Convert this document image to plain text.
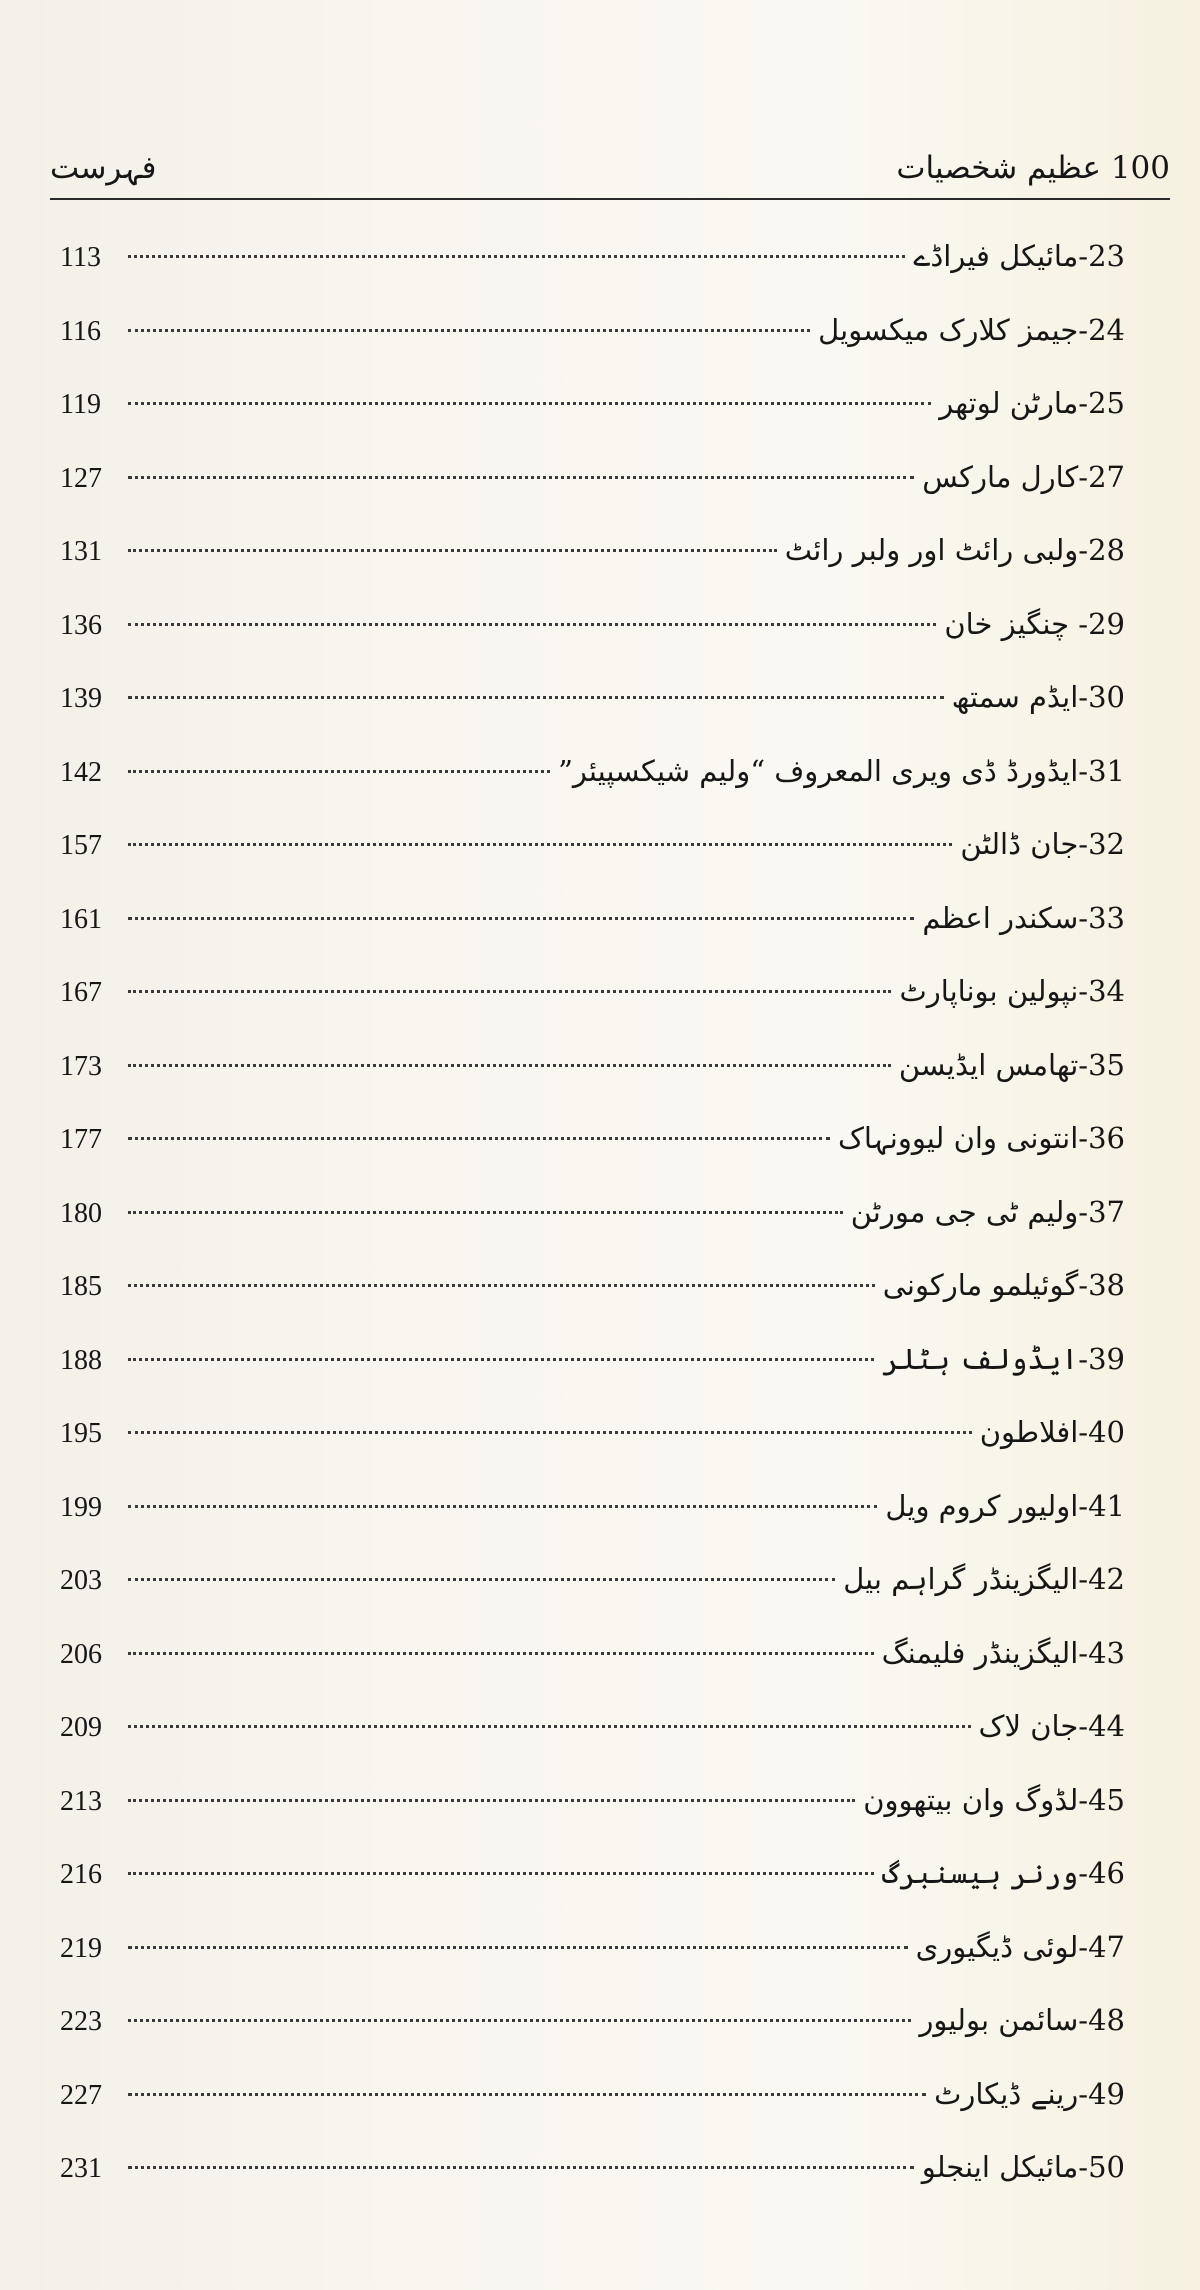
100 عظیم شخصیات
فہرست
113	23-مائیکل فیراڈے
116	24-جیمز کلارک میکسویل
119	25-مارٹن لوتھر
127	27-کارل مارکس
131	28-ولبی رائٹ اور ولبر رائٹ
136	29- چنگیز خان
139	30-ایڈم سمتھ
142	31-ایڈورڈ ڈی ویری المعروف “ولیم شیکسپیئر”
157	32-جان ڈالٹن
161	33-سکندر اعظم
167	34-نپولین بوناپارٹ
173	35-تھامس ایڈیسن
177	36-انتونی وان لیوونہاک
180	37-ولیم ٹی جی مورٹن
185	38-گوئیلمو مارکونی
188	39-ایڈولف ہٹلر
195	40-افلاطون
199	41-اولیور کروم ویل
203	42-الیگزینڈر گراہم بیل
206	43-الیگزینڈر فلیمنگ
209	44-جان لاک
213	45-لڈوگ وان بیتھوون
216	46-ورنر ہیسنبرگ
219	47-لوئی ڈیگیوری
223	48-سائمن بولیور
227	49-رینے ڈیکارٹ
231	50-مائیکل اینجلو
